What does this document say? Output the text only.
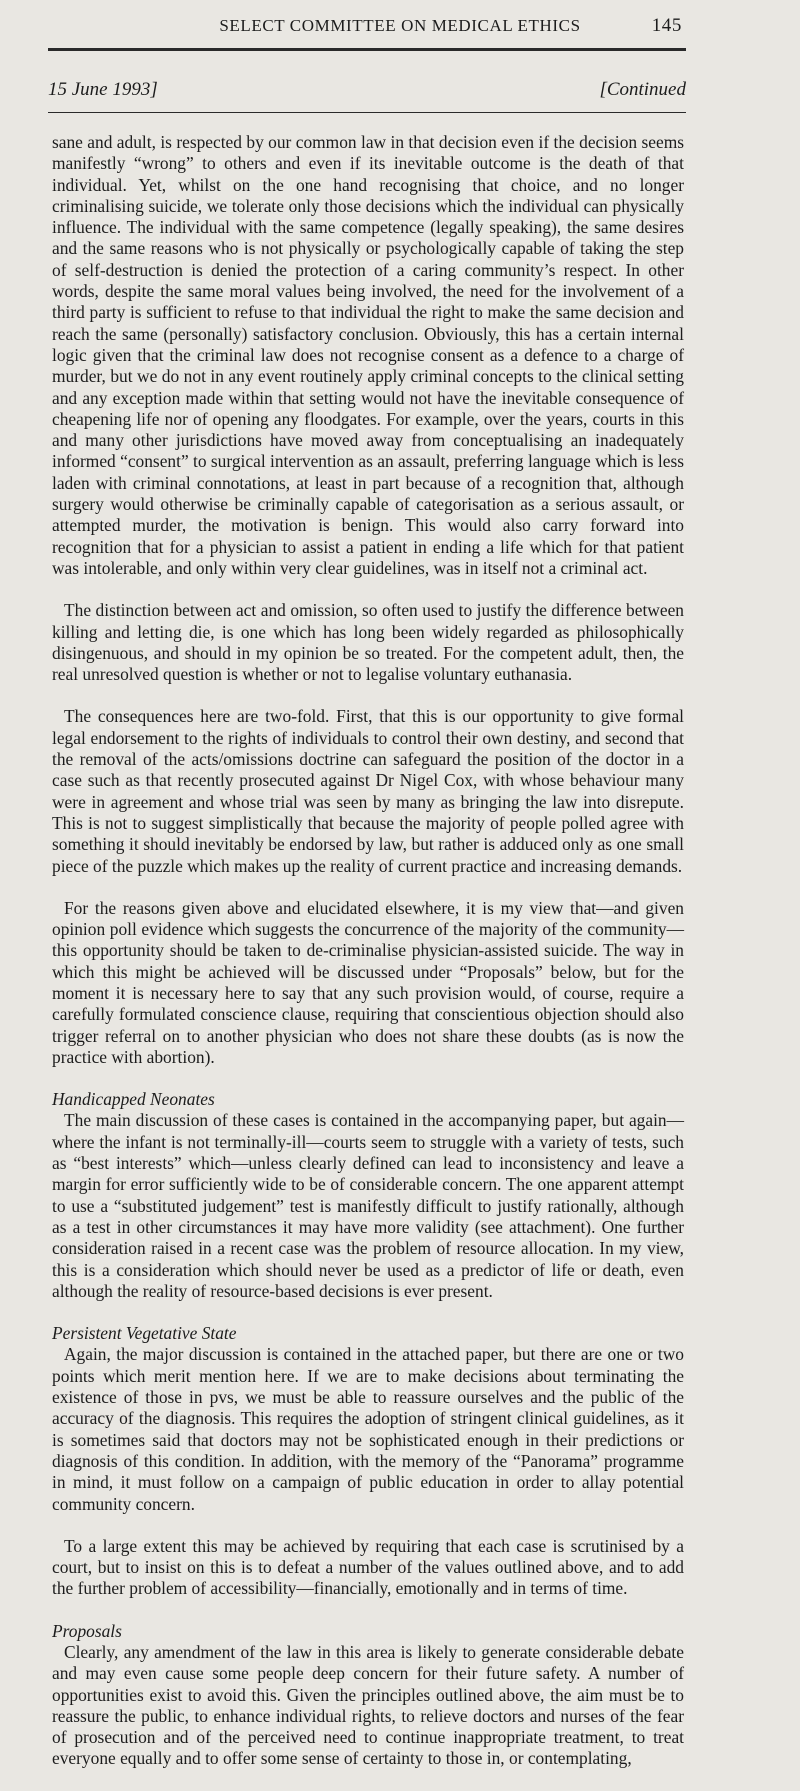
SELECT COMMITTEE ON MEDICAL ETHICS	145
15 June 1993]	[Continued

sane and adult, is respected by our common law in that decision even if the decision seems manifestly “wrong” to others and even if its inevitable outcome is the death of that individual. Yet, whilst on the one hand recognising that choice, and no longer criminalising suicide, we tolerate only those decisions which the individual can physically influence. The individual with the same competence (legally speaking), the same desires and the same reasons who is not physically or psychologically capable of taking the step of self-destruction is denied the protection of a caring community’s respect. In other words, despite the same moral values being involved, the need for the involvement of a third party is sufficient to refuse to that individual the right to make the same decision and reach the same (personally) satisfactory conclusion. Obviously, this has a certain internal logic given that the criminal law does not recognise consent as a defence to a charge of murder, but we do not in any event routinely apply criminal concepts to the clinical setting and any exception made within that setting would not have the inevitable consequence of cheapening life nor of opening any floodgates. For example, over the years, courts in this and many other jurisdictions have moved away from conceptualising an inadequately informed “consent” to surgical intervention as an assault, preferring language which is less laden with criminal connotations, at least in part because of a recognition that, although surgery would otherwise be criminally capable of categorisation as a serious assault, or attempted murder, the motivation is benign. This would also carry forward into recognition that for a physician to assist a patient in ending a life which for that patient was intolerable, and only within very clear guidelines, was in itself not a criminal act.

The distinction between act and omission, so often used to justify the difference between killing and letting die, is one which has long been widely regarded as philosophically disingenuous, and should in my opinion be so treated. For the competent adult, then, the real unresolved question is whether or not to legalise voluntary euthanasia.

The consequences here are two-fold. First, that this is our opportunity to give formal legal endorsement to the rights of individuals to control their own destiny, and second that the removal of the acts/omissions doctrine can safeguard the position of the doctor in a case such as that recently prosecuted against Dr Nigel Cox, with whose behaviour many were in agreement and whose trial was seen by many as bringing the law into disrepute. This is not to suggest simplistically that because the majority of people polled agree with something it should inevitably be endorsed by law, but rather is adduced only as one small piece of the puzzle which makes up the reality of current practice and increasing demands.

For the reasons given above and elucidated elsewhere, it is my view that—and given opinion poll evidence which suggests the concurrence of the majority of the community—this opportunity should be taken to de-criminalise physician-assisted suicide. The way in which this might be achieved will be discussed under “Proposals” below, but for the moment it is necessary here to say that any such provision would, of course, require a carefully formulated conscience clause, requiring that conscientious objection should also trigger referral on to another physician who does not share these doubts (as is now the practice with abortion).

Handicapped Neonates

The main discussion of these cases is contained in the accompanying paper, but again—where the infant is not terminally-ill—courts seem to struggle with a variety of tests, such as “best interests” which—unless clearly defined can lead to inconsistency and leave a margin for error sufficiently wide to be of considerable concern. The one apparent attempt to use a “substituted judgement” test is manifestly difficult to justify rationally, although as a test in other circumstances it may have more validity (see attachment). One further consideration raised in a recent case was the problem of resource allocation. In my view, this is a consideration which should never be used as a predictor of life or death, even although the reality of resource-based decisions is ever present.

Persistent Vegetative State

Again, the major discussion is contained in the attached paper, but there are one or two points which merit mention here. If we are to make decisions about terminating the existence of those in pvs, we must be able to reassure ourselves and the public of the accuracy of the diagnosis. This requires the adoption of stringent clinical guidelines, as it is sometimes said that doctors may not be sophisticated enough in their predictions or diagnosis of this condition. In addition, with the memory of the “Panorama” programme in mind, it must follow on a campaign of public education in order to allay potential community concern.

To a large extent this may be achieved by requiring that each case is scrutinised by a court, but to insist on this is to defeat a number of the values outlined above, and to add the further problem of accessibility—financially, emotionally and in terms of time.

Proposals

Clearly, any amendment of the law in this area is likely to generate considerable debate and may even cause some people deep concern for their future safety. A number of opportunities exist to avoid this. Given the principles outlined above, the aim must be to reassure the public, to enhance individual rights, to relieve doctors and nurses of the fear of prosecution and of the perceived need to continue inappropriate treatment, to treat everyone equally and to offer some sense of certainty to those in, or contemplating,
